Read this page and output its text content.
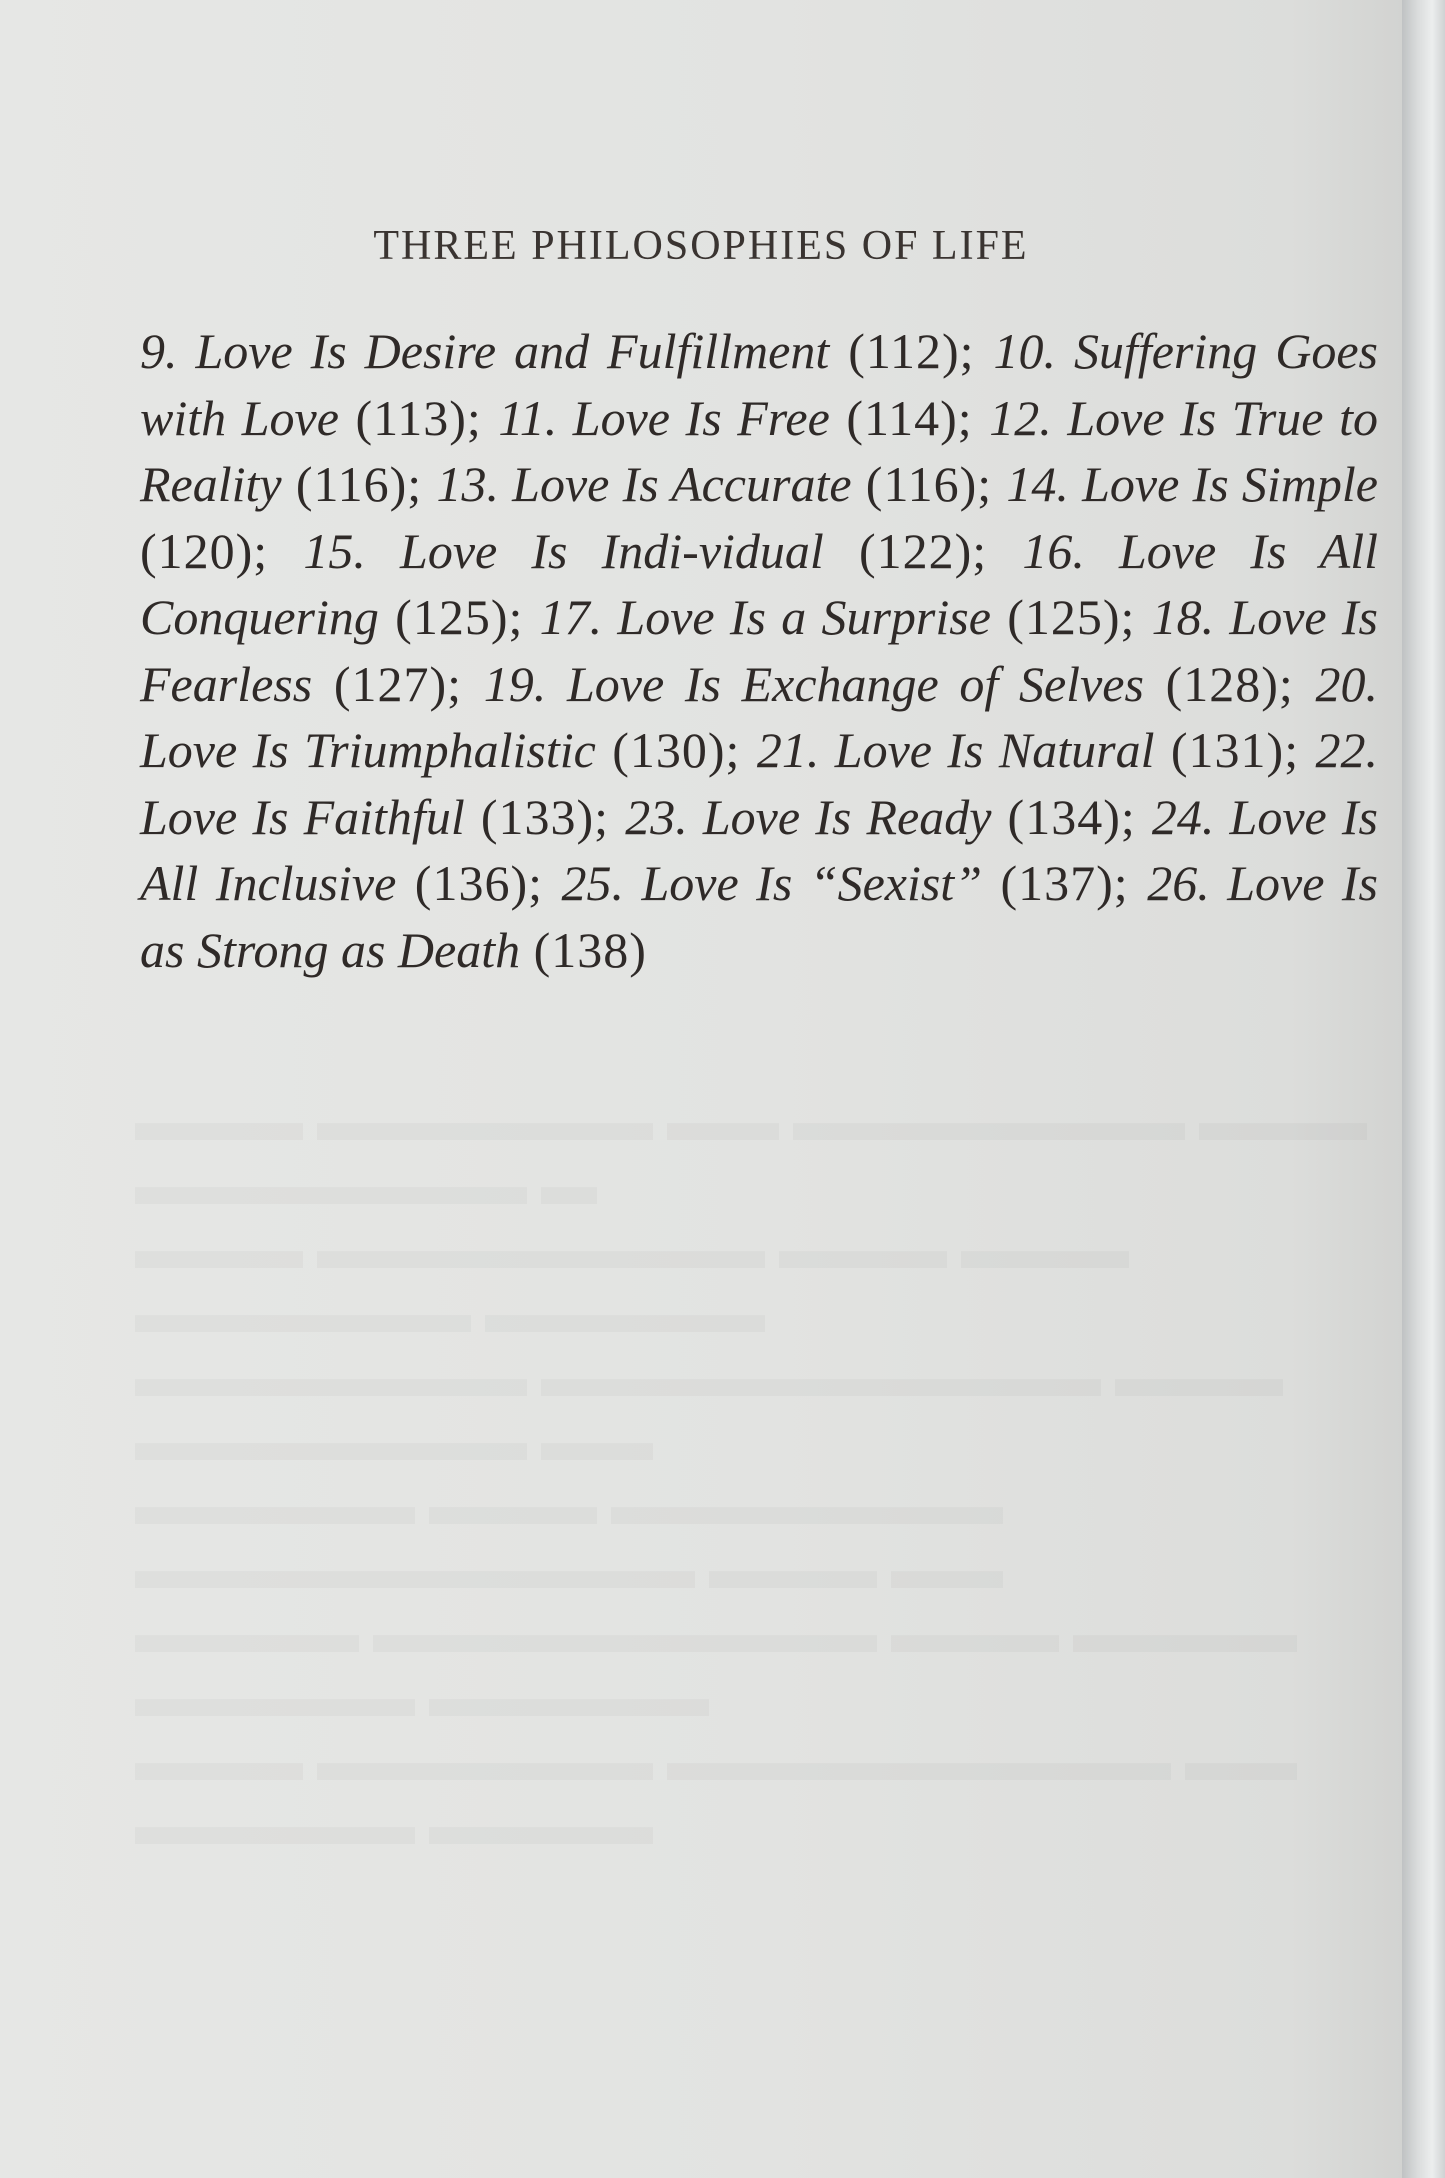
▬▬▬ ▬▬▬▬▬▬ ▬▬ ▬▬▬▬▬▬▬ ▬▬▬ ▬▬▬▬▬▬▬ ▬
▬▬▬ ▬▬▬▬▬▬▬▬ ▬▬▬ ▬▬▬ ▬▬▬▬▬▬ ▬▬▬▬▬
▬▬▬▬▬▬▬ ▬▬▬▬▬▬▬▬▬▬ ▬▬▬ ▬▬▬▬▬▬▬ ▬▬
▬▬▬▬▬ ▬▬▬ ▬▬▬▬▬▬▬ ▬▬▬▬▬▬▬▬▬▬ ▬▬▬ ▬▬
▬▬▬▬ ▬▬▬▬▬▬▬▬▬ ▬▬▬ ▬▬▬▬ ▬▬▬▬▬ ▬▬▬▬▬
▬▬▬ ▬▬▬▬▬▬ ▬▬▬▬▬▬▬▬▬ ▬▬ ▬▬▬▬▬ ▬▬▬▬
THREE PHILOSOPHIES OF LIFE
9. Love Is Desire and Fulfillment (112); 10. Suffering Goes with Love (113); 11. Love Is Free (114); 12. Love Is True to Reality (116); 13. Love Is Accurate (116); 14. Love Is Simple (120); 15. Love Is Indi-vidual (122); 16. Love Is All Conquering (125); 17. Love Is a Surprise (125); 18. Love Is Fearless (127); 19. Love Is Exchange of Selves (128); 20. Love Is Triumphalistic (130); 21. Love Is Natural (131); 22. Love Is Faithful (133); 23. Love Is Ready (134); 24. Love Is All Inclusive (136); 25. Love Is “Sexist” (137); 26. Love Is as Strong as Death (138)
